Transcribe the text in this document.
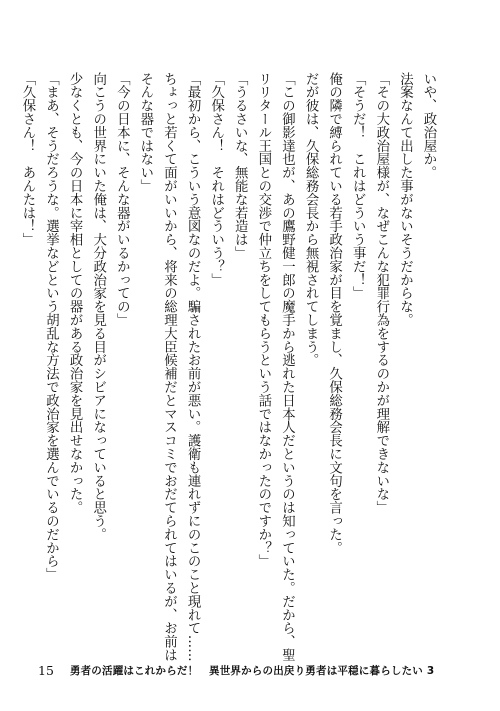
いや、政治屋か。
法案なんて出した事がないそうだからな。
「その大政治屋様が、なぜこんな犯罪行為をするのかが理解できないな」
「そうだ！　これはどういう事だ！」
俺の隣で縛られている若手政治家が目を覚まし、久保総務会長に文句を言った。
だが彼は、久保総務会長から無視されてしまう。
「この御影達也が、あの鷹野健一郎の魔手から逃れた日本人だというのは知っていた。だから、聖
リリタール王国との交渉で仲立ちをしてもらうという話ではなかったのですか？」
「うるさいな、無能な若造は」
「久保さん！　それはどういう？」
「最初から、こういう意図なのだよ。騙されたお前が悪い。護衛も連れずにのこのこと現れて……
ちょっと若くて面がいいから、将来の総理大臣候補だとマスコミでおだてられてはいるが、お前は
そんな器ではない」
「今の日本に、そんな器がいるかっての」
向こうの世界にいた俺は、大分政治家を見る目がシビアになっていると思う。
少なくとも、今の日本に宰相としての器がある政治家を見出せなかった。
「まあ、そうだろうな。選挙などという胡乱な方法で政治家を選んでいるのだから」
「久保さん！　あんたは！」
15 勇者の活躍はこれからだ！　異世界からの出戻り勇者は平穏に暮らしたい 3
